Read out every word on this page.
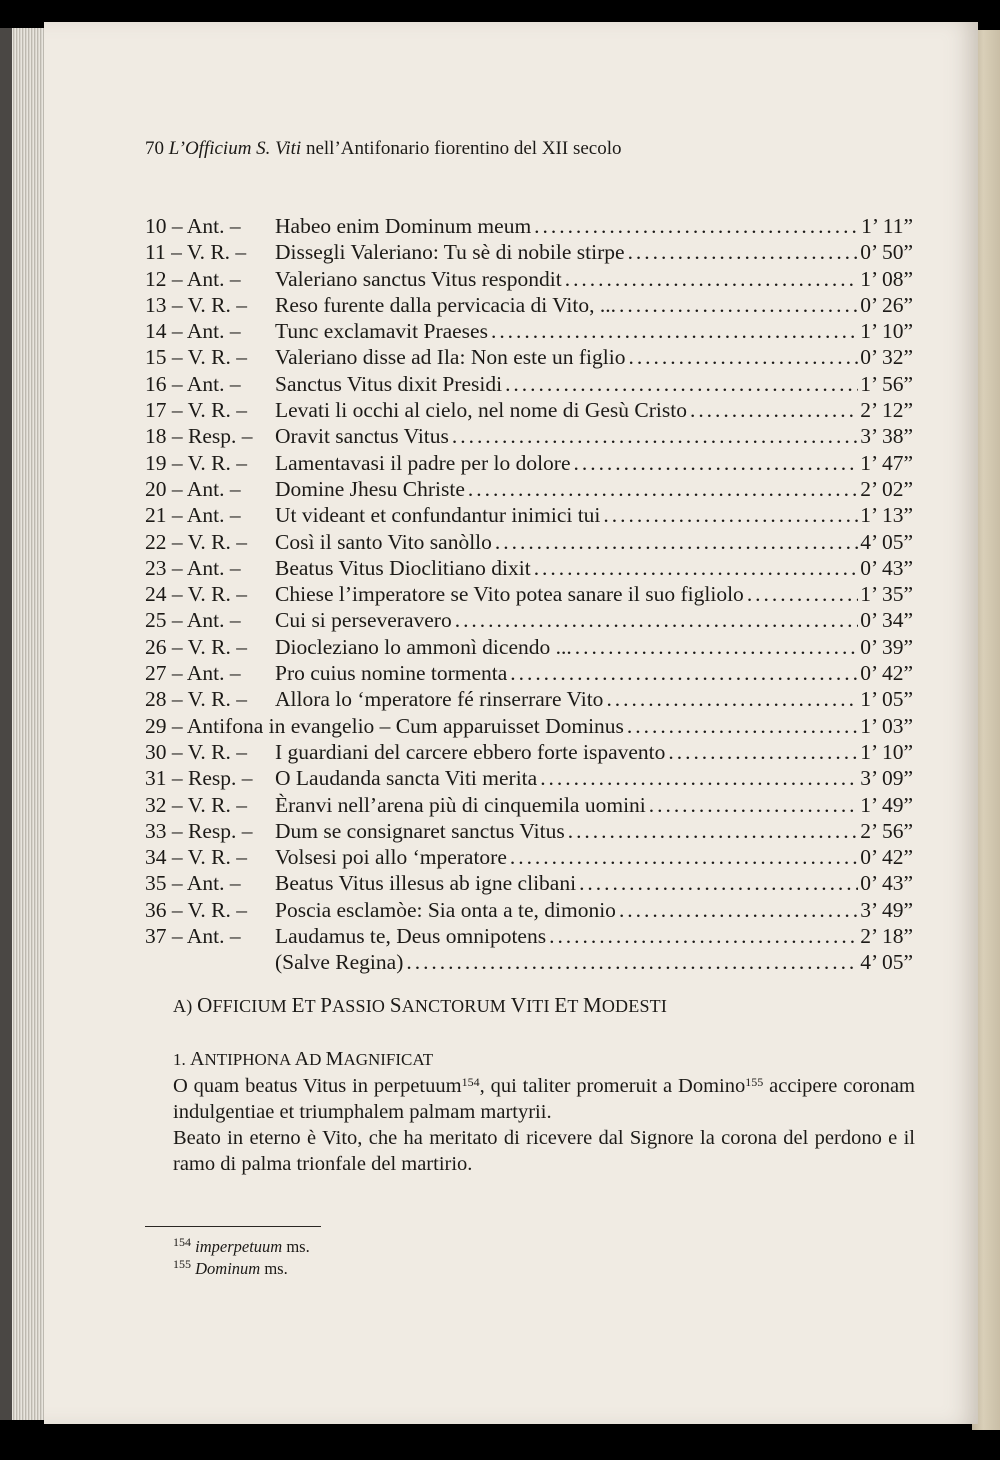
70 L’Officium S. Viti nell’Antifonario fiorentino del XII secolo
10 – Ant. –	Habeo enim Dominum meum . . .	1’ 11”
11 – V. R. –	Dissegli Valeriano: Tu sè di nobile stirpe . . .	0’ 50”
12 – Ant. –	Valeriano sanctus Vitus respondit . . .	1’ 08”
13 – V. R. –	Reso furente dalla pervicacia di Vito, ... . . .	0’ 26”
14 – Ant. –	Tunc exclamavit Praeses . . .	1’ 10”
15 – V. R. –	Valeriano disse ad Ila: Non este un figlio . . .	0’ 32”
16 – Ant. –	Sanctus Vitus dixit Presidi . . .	1’ 56”
17 – V. R. –	Levati li occhi al cielo, nel nome di Gesù Cristo . . .	2’ 12”
18 – Resp. –	Oravit sanctus Vitus . . .	3’ 38”
19 – V. R. –	Lamentavasi il padre per lo dolore . . .	1’ 47”
20 – Ant. –	Domine Jhesu Christe . . .	2’ 02”
21 – Ant. –	Ut videant et confundantur inimici tui . . .	1’ 13”
22 – V. R. –	Così il santo Vito sanòllo . . .	4’ 05”
23 – Ant. –	Beatus Vitus Dioclitiano dixit . . .	0’ 43”
24 – V. R. –	Chiese l’imperatore se Vito potea sanare il suo figliolo . . .	1’ 35”
25 – Ant. –	Cui si perseveravero . . .	0’ 34”
26 – V. R. –	Diocleziano lo ammonì dicendo ... . . .	0’ 39”
27 – Ant. –	Pro cuius nomine tormenta . . .	0’ 42”
28 – V. R. –	Allora lo ‘mperatore fé rinserrare Vito . . .	1’ 05”
29 – Antifona in evangelio – Cum apparuisset Dominus . . .	1’ 03”
30 – V. R. –	I guardiani del carcere ebbero forte ispavento . . .	1’ 10”
31 – Resp. –	O Laudanda sancta Viti merita . . .	3’ 09”
32 – V. R. –	Èranvi nell’arena più di cinquemila uomini . . .	1’ 49”
33 – Resp. –	Dum se consignaret sanctus Vitus . . .	2’ 56”
34 – V. R. –	Volsesi poi allo ‘mperatore . . .	0’ 42”
35 – Ant. –	Beatus Vitus illesus ab igne clibani . . .	0’ 43”
36 – V. R. –	Poscia esclamòe: Sia onta a te, dimonio . . .	3’ 49”
37 – Ant. –	Laudamus te, Deus omnipotens . . .	2’ 18”
(Salve Regina) . . .	4’ 05”
A) OFFICIUM ET PASSIO SANCTORUM VITI ET MODESTI
1. ANTIPHONA AD MAGNIFICAT
O quam beatus Vitus in perpetuum$^{154}$, qui taliter promeruit a Domino$^{155}$ accipere coronam indulgentiae et triumphalem palmam martyrii.
Beato in eterno è Vito, che ha meritato di ricevere dal Signore la corona del perdono e il ramo di palma trionfale del martirio.
$^{154}$ imperpetuum ms.
$^{155}$ Dominum ms.
